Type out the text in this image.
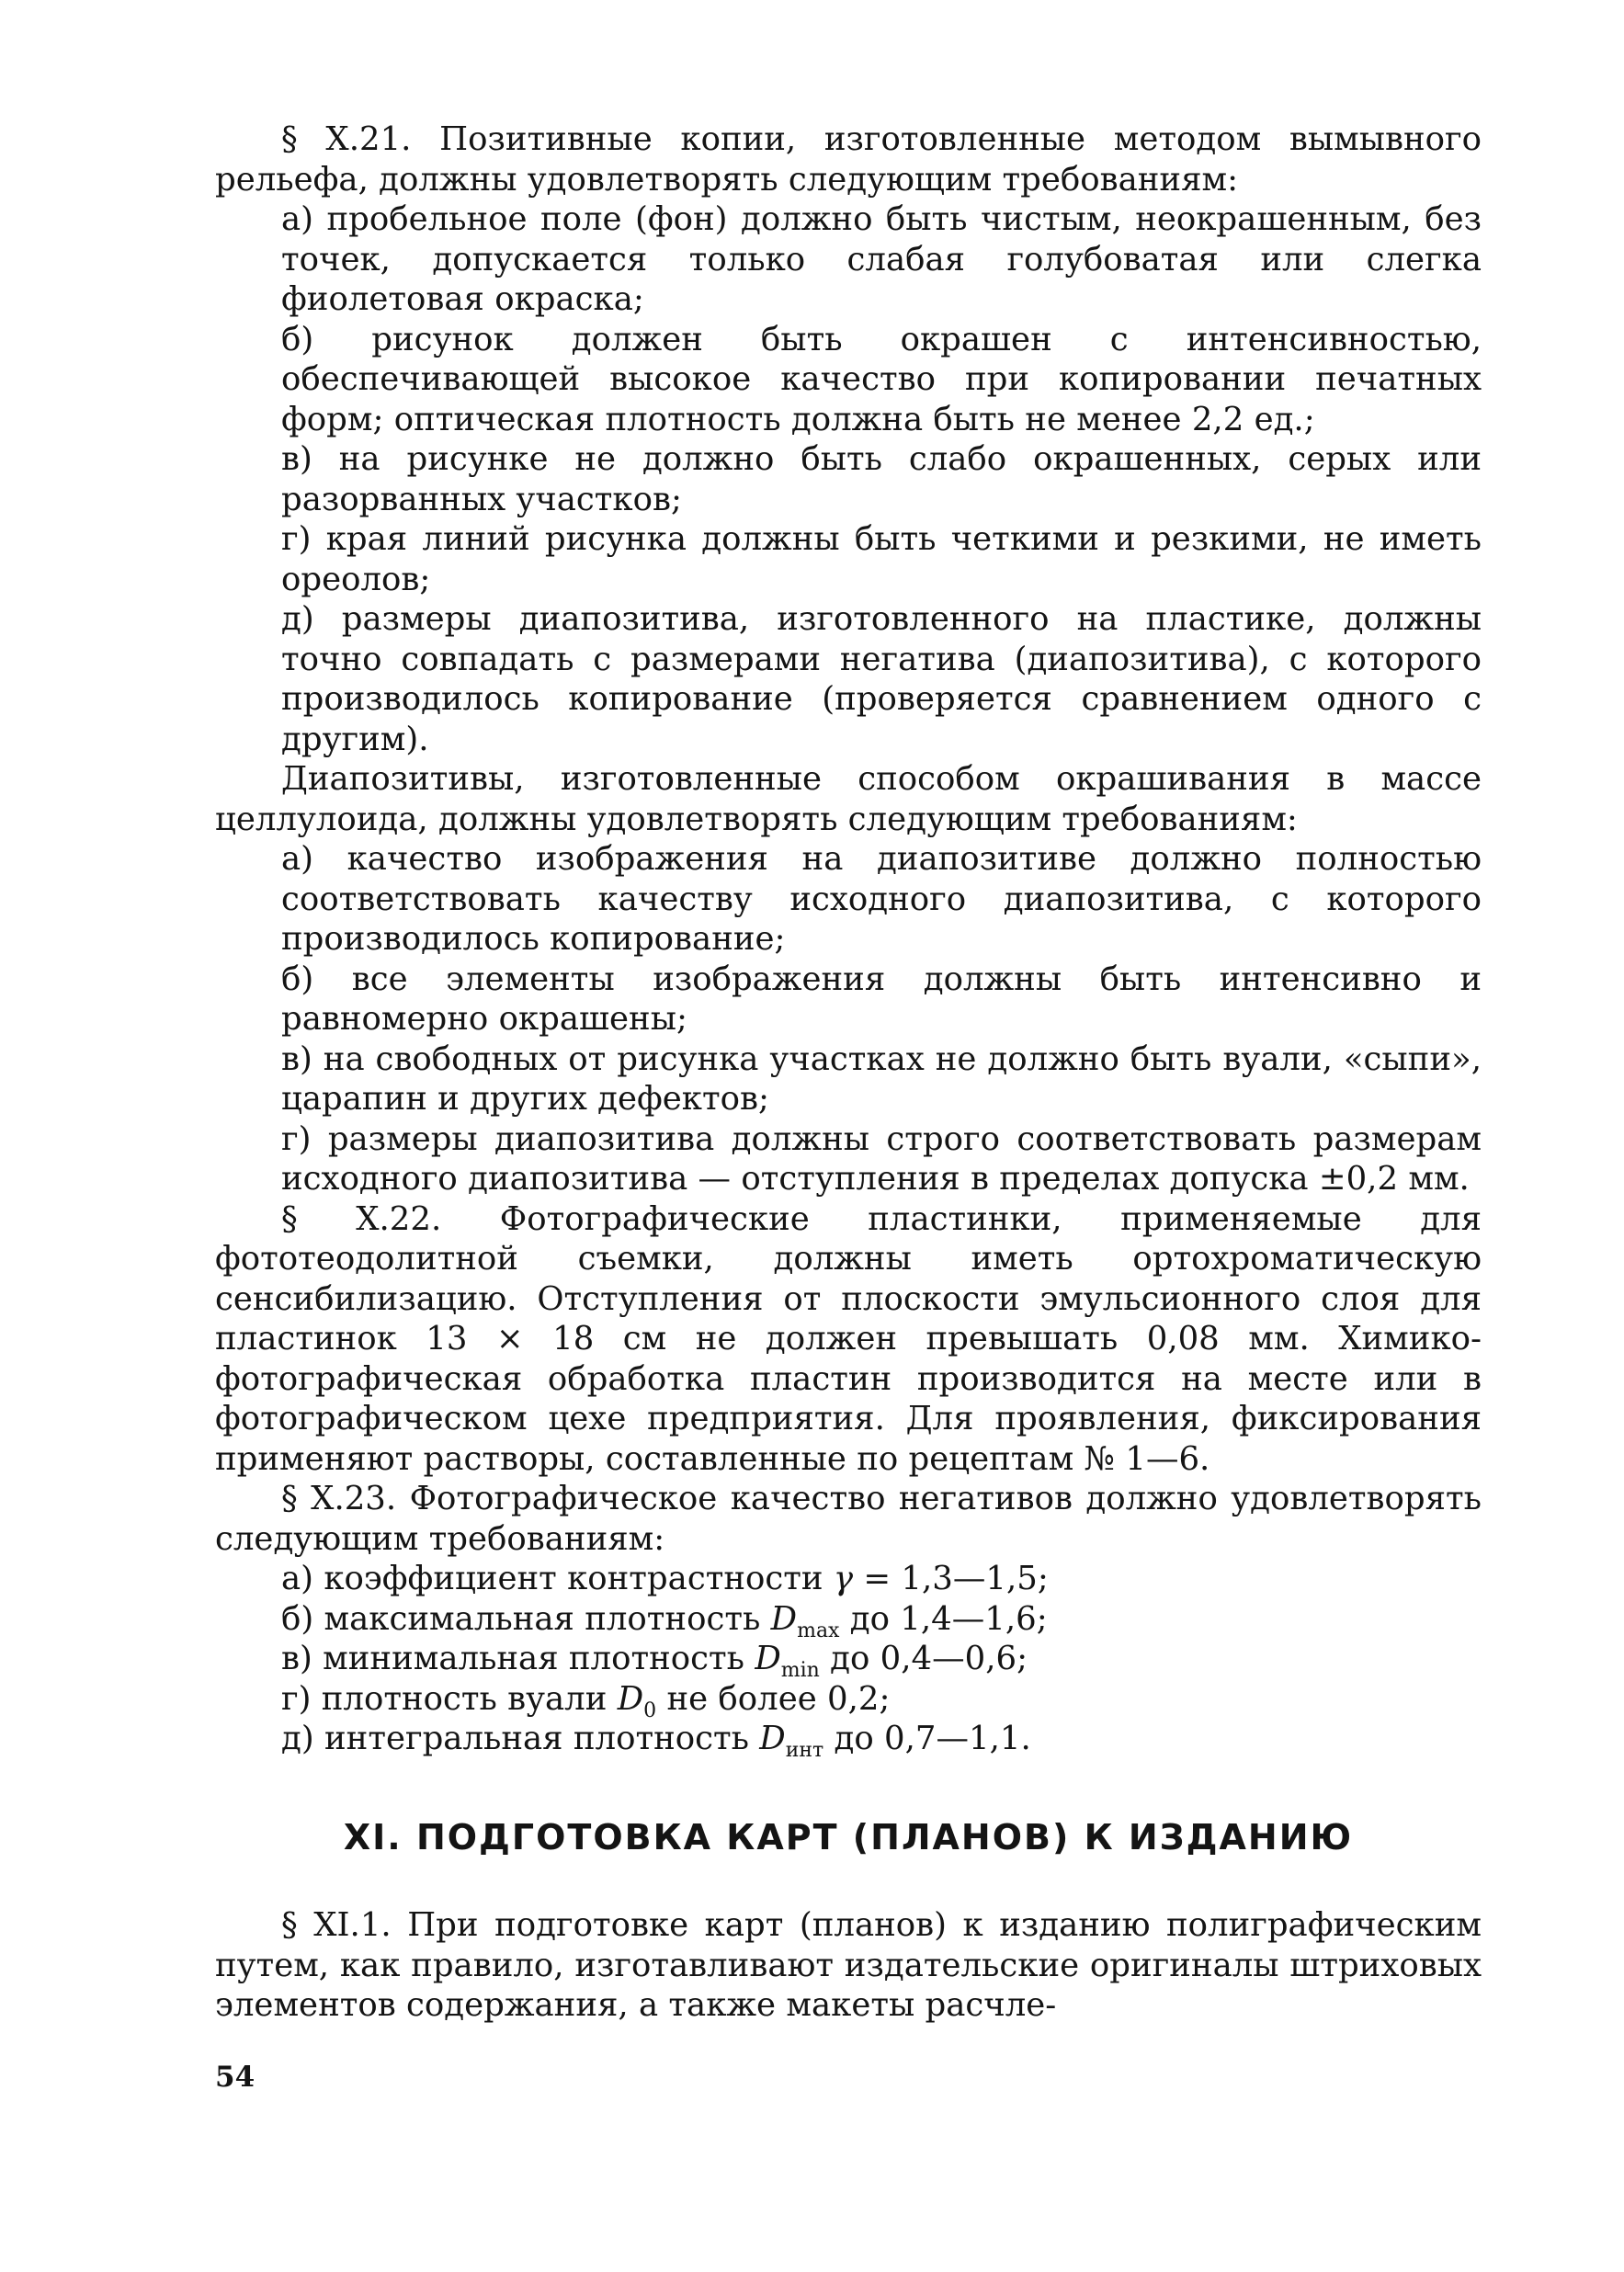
§ X.21. Позитивные копии, изготовленные методом вымывного рельефа, должны удовлетворять следующим требованиям:

а) пробельное поле (фон) должно быть чистым, неокрашенным, без точек, допускается только слабая голубоватая или слегка фиолетовая окраска;
б) рисунок должен быть окрашен с интенсивностью, обеспечивающей высокое качество при копировании печатных форм; оптическая плотность должна быть не менее 2,2 ед.;
в) на рисунке не должно быть слабо окрашенных, серых или разорванных участков;
г) края линий рисунка должны быть четкими и резкими, не иметь ореолов;
д) размеры диапозитива, изготовленного на пластике, должны точно совпадать с размерами негатива (диапозитива), с которого производилось копирование (проверяется сравнением одного с другим).

Диапозитивы, изготовленные способом окрашивания в массе целлулоида, должны удовлетворять следующим требованиям:

а) качество изображения на диапозитиве должно полностью соответствовать качеству исходного диапозитива, с которого производилось копирование;
б) все элементы изображения должны быть интенсивно и равномерно окрашены;
в) на свободных от рисунка участках не должно быть вуали, «сыпи», царапин и других дефектов;
г) размеры диапозитива должны строго соответствовать размерам исходного диапозитива — отступления в пределах допуска ±0,2 мм.

§ X.22. Фотографические пластинки, применяемые для фототеодолитной съемки, должны иметь ортохроматическую сенсибилизацию. Отступления от плоскости эмульсионного слоя для пластинок 13 × 18 см не должен превышать 0,08 мм. Химико-фотографическая обработка пластин производится на месте или в фотографическом цехе предприятия. Для проявления, фиксирования применяют растворы, составленные по рецептам № 1—6.

§ X.23. Фотографическое качество негативов должно удовлетворять следующим требованиям:

а) коэффициент контрастности γ = 1,3—1,5;
б) максимальная плотность $D_{max}$ до 1,4—1,6;
в) минимальная плотность $D_{min}$ до 0,4—0,6;
г) плотность вуали $D_0$ не более 0,2;
д) интегральная плотность $D_{инт}$ до 0,7—1,1.
XI. ПОДГОТОВКА КАРТ (ПЛАНОВ) К ИЗДАНИЮ

§ XI.1. При подготовке карт (планов) к изданию полиграфическим путем, как правило, изготавливают издательские оригиналы штриховых элементов содержания, а также макеты расчле-

54
